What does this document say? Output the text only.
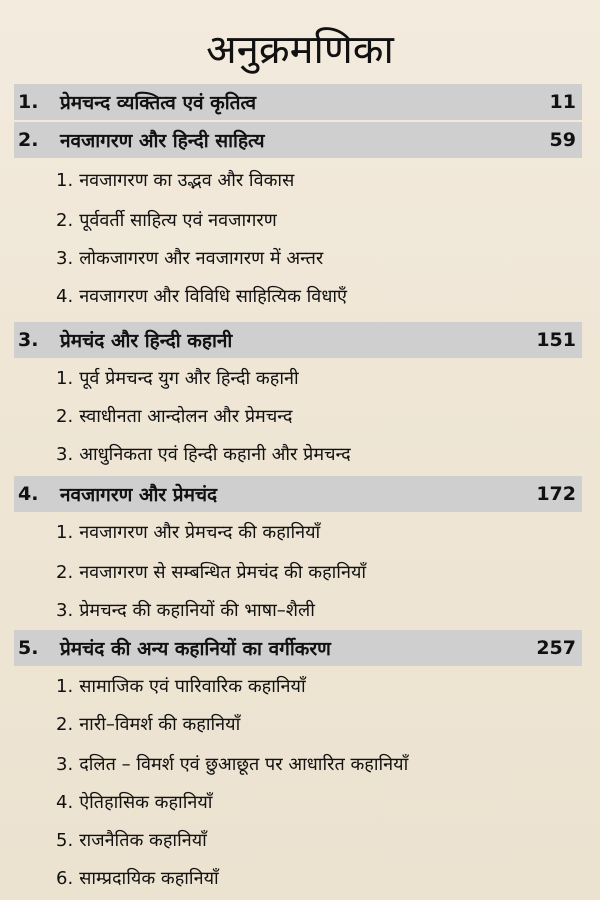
अनुक्रमणिका
1.	प्रेमचन्द व्यक्तित्व एवं कृतित्व	11
2.	नवजागरण और हिन्दी साहित्य	59
1. नवजागरण का उद्भव और विकास
2. पूर्ववर्ती साहित्य एवं नवजागरण
3. लोकजागरण और नवजागरण में अन्तर
4. नवजागरण और विविधि साहित्यिक विधाएँ
3.	प्रेमचंद और हिन्दी कहानी	151
1. पूर्व प्रेमचन्द युग और हिन्दी कहानी
2. स्वाधीनता आन्दोलन और प्रेमचन्द
3. आधुनिकता एवं हिन्दी कहानी और प्रेमचन्द
4.	नवजागरण और प्रेमचंद	172
1. नवजागरण और प्रेमचन्द की कहानियाँ
2. नवजागरण से सम्बन्धित प्रेमचंद की कहानियाँ
3. प्रेमचन्द की कहानियों की भाषा–शैली
5.	प्रेमचंद की अन्य कहानियों का वर्गीकरण	257
1. सामाजिक एवं पारिवारिक कहानियाँ
2. नारी–विमर्श की कहानियाँ
3. दलित – विमर्श एवं छुआछूत पर आधारित कहानियाँ
4. ऐतिहासिक कहानियाँ
5. राजनैतिक कहानियाँ
6. साम्प्रदायिक कहानियाँ
